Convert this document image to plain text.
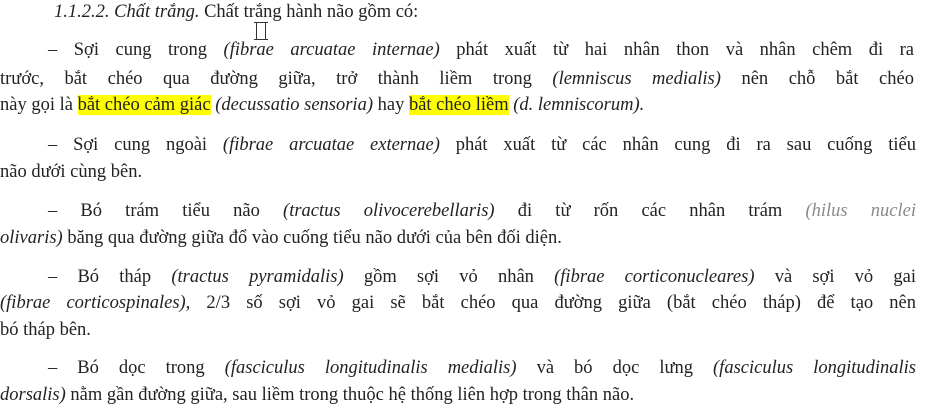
1.1.2.2. Chất trắng. Chất trắng hành não gồm có:
– Sợi cung trong (fibrae arcuatae internae) phát xuất từ hai nhân thon và nhân chêm đi ra
trước, bắt chéo qua đường giữa, trở thành liềm trong (lemniscus medialis) nên chỗ bắt chéo
này gọi là bắt chéo cảm giác (decussatio sensoria) hay bắt chéo liềm (d. lemniscorum).
– Sợi cung ngoài (fibrae arcuatae externae) phát xuất từ các nhân cung đi ra sau cuống tiểu
não dưới cùng bên.
– Bó trám tiểu não (tractus olivocerebellaris) đi từ rốn các nhân trám (hilus nuclei
olivaris) băng qua đường giữa đổ vào cuống tiểu não dưới của bên đối diện.
– Bó tháp (tractus pyramidalis) gồm sợi vỏ nhân (fibrae corticonucleares) và sợi vỏ gai
(fibrae corticospinales), 2/3 số sợi vỏ gai sẽ bắt chéo qua đường giữa (bắt chéo tháp) để tạo nên
bó tháp bên.
– Bó dọc trong (fasciculus longitudinalis medialis) và bó dọc lưng (fasciculus longitudinalis
dorsalis) nằm gần đường giữa, sau liềm trong thuộc hệ thống liên hợp trong thân não.
